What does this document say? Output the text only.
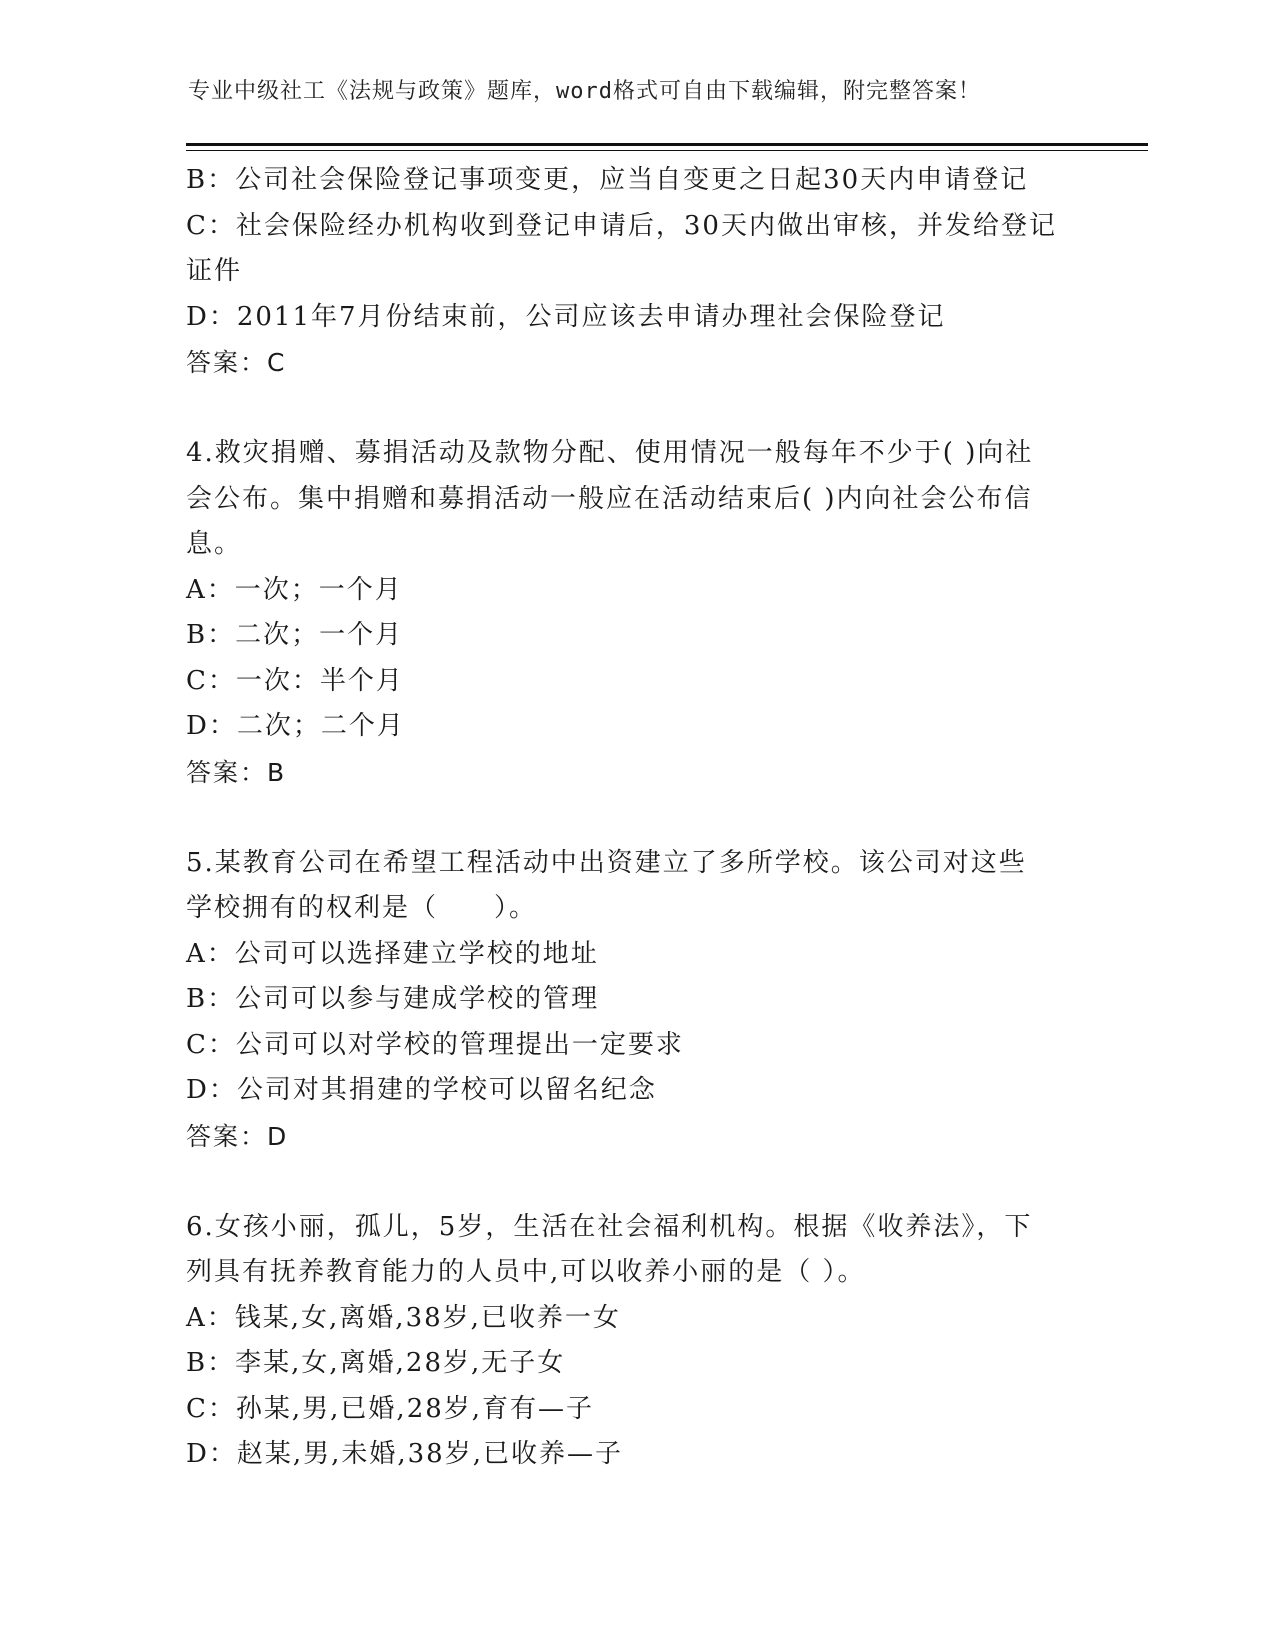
专业中级社工《法规与政策》题库，word格式可自由下载编辑，附完整答案！
B：公司社会保险登记事项变更，应当自变更之日起30天内申请登记
C：社会保险经办机构收到登记申请后，30天内做出审核，并发给登记
证件
D：2011年7月份结束前，公司应该去申请办理社会保险登记
答案：C
4.救灾捐赠、募捐活动及款物分配、使用情况一般每年不少于( )向社
会公布。集中捐赠和募捐活动一般应在活动结束后( )内向社会公布信
息。
A：一次；一个月
B：二次；一个月
C：一次：半个月
D：二次；二个月
答案：B
5.某教育公司在希望工程活动中出资建立了多所学校。该公司对这些
学校拥有的权利是（　　）。
A：公司可以选择建立学校的地址
B：公司可以参与建成学校的管理
C：公司可以对学校的管理提出一定要求
D：公司对其捐建的学校可以留名纪念
答案：D
6.女孩小丽，孤儿，5岁，生活在社会福利机构。根据《收养法》，下
列具有抚养教育能力的人员中,可以收养小丽的是（ ）。
A：钱某,女,离婚,38岁,已收养一女
B：李某,女,离婚,28岁,无子女
C：孙某,男,已婚,28岁,育有—子
D：赵某,男,未婚,38岁,已收养—子
